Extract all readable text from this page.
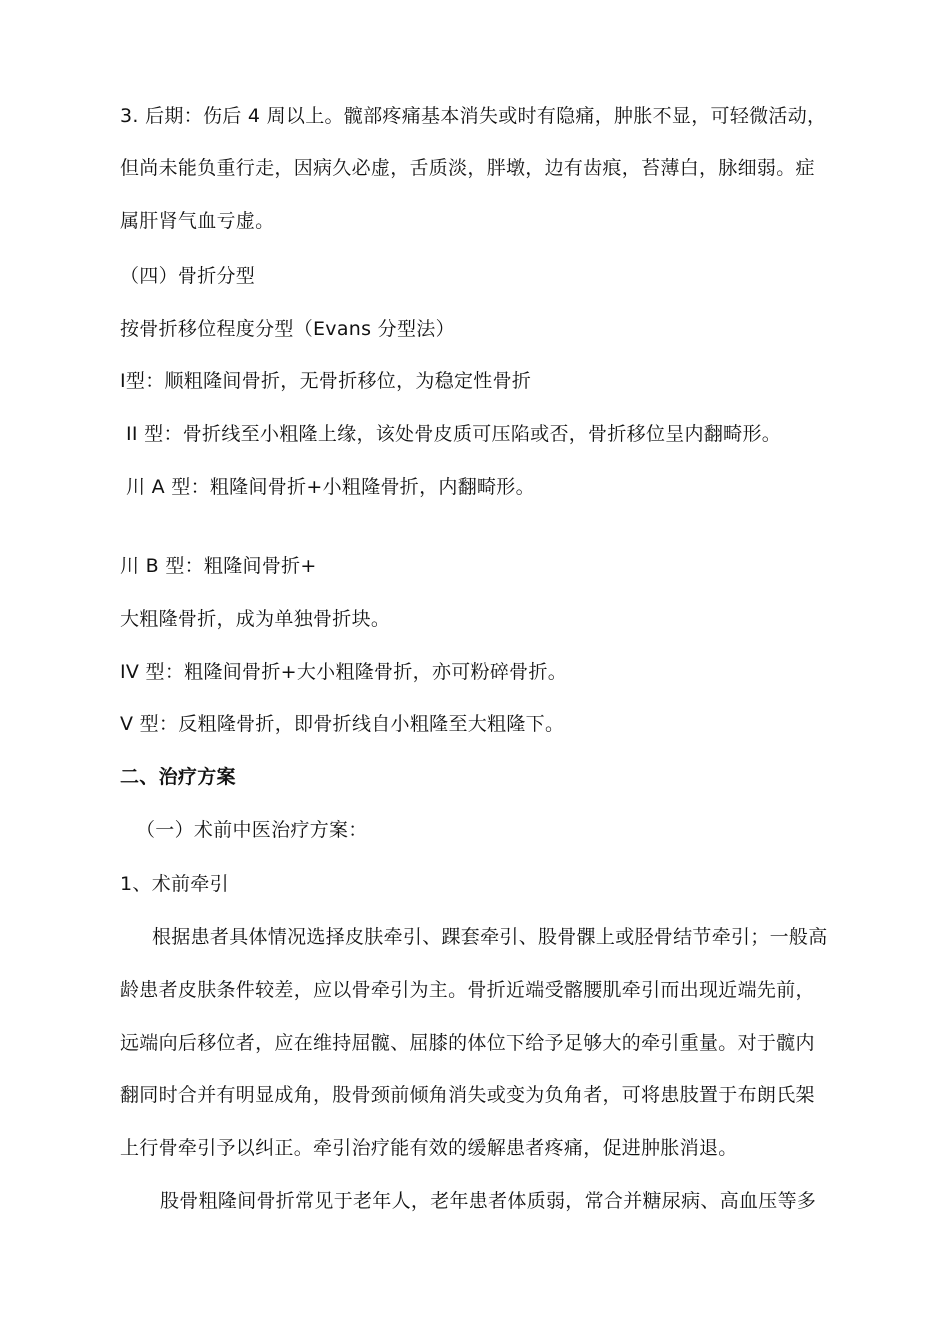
3. 后期：伤后 4 周以上。髋部疼痛基本消失或时有隐痛，肿胀不显，可轻微活动，
但尚未能负重行走，因病久必虚，舌质淡，胖墩，边有齿痕，苔薄白，脉细弱。症
属肝肾气血亏虚。
（四）骨折分型
按骨折移位程度分型（Evans 分型法）
Ⅰ型：顺粗隆间骨折，无骨折移位，为稳定性骨折
II 型：骨折线至小粗隆上缘，该处骨皮质可压陷或否，骨折移位呈内翻畸形。
川 A 型：粗隆间骨折+小粗隆骨折，内翻畸形。
川 B 型：粗隆间骨折+
大粗隆骨折，成为单独骨折块。
IV 型：粗隆间骨折+大小粗隆骨折，亦可粉碎骨折。
V 型：反粗隆骨折，即骨折线自小粗隆至大粗隆下。
二、治疗方案
（一）术前中医治疗方案：
1、术前牵引
根据患者具体情况选择皮肤牵引、踝套牵引、股骨髁上或胫骨结节牵引；一般高
龄患者皮肤条件较差，应以骨牵引为主。骨折近端受髂腰肌牵引而出现近端先前，
远端向后移位者，应在维持屈髋、屈膝的体位下给予足够大的牵引重量。对于髋内
翻同时合并有明显成角，股骨颈前倾角消失或变为负角者，可将患肢置于布朗氏架
上行骨牵引予以纠正。牵引治疗能有效的缓解患者疼痛，促进肿胀消退。
股骨粗隆间骨折常见于老年人，老年患者体质弱，常合并糖尿病、高血压等多
